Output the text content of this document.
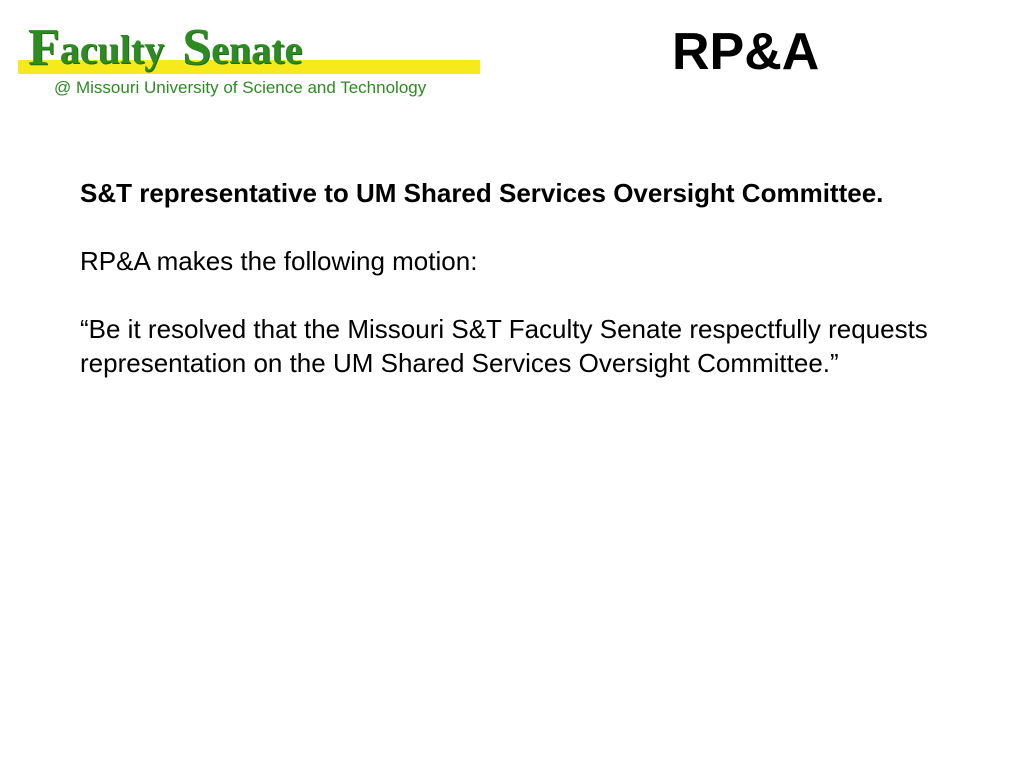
F aculty S enate
@ Missouri University of Science and Technology
RP&A

S&T representative to UM Shared Services Oversight Committee.

RP&A makes the following motion:

“Be it resolved that the Missouri S&T Faculty Senate respectfully requests representation on the UM Shared Services Oversight Committee.”
